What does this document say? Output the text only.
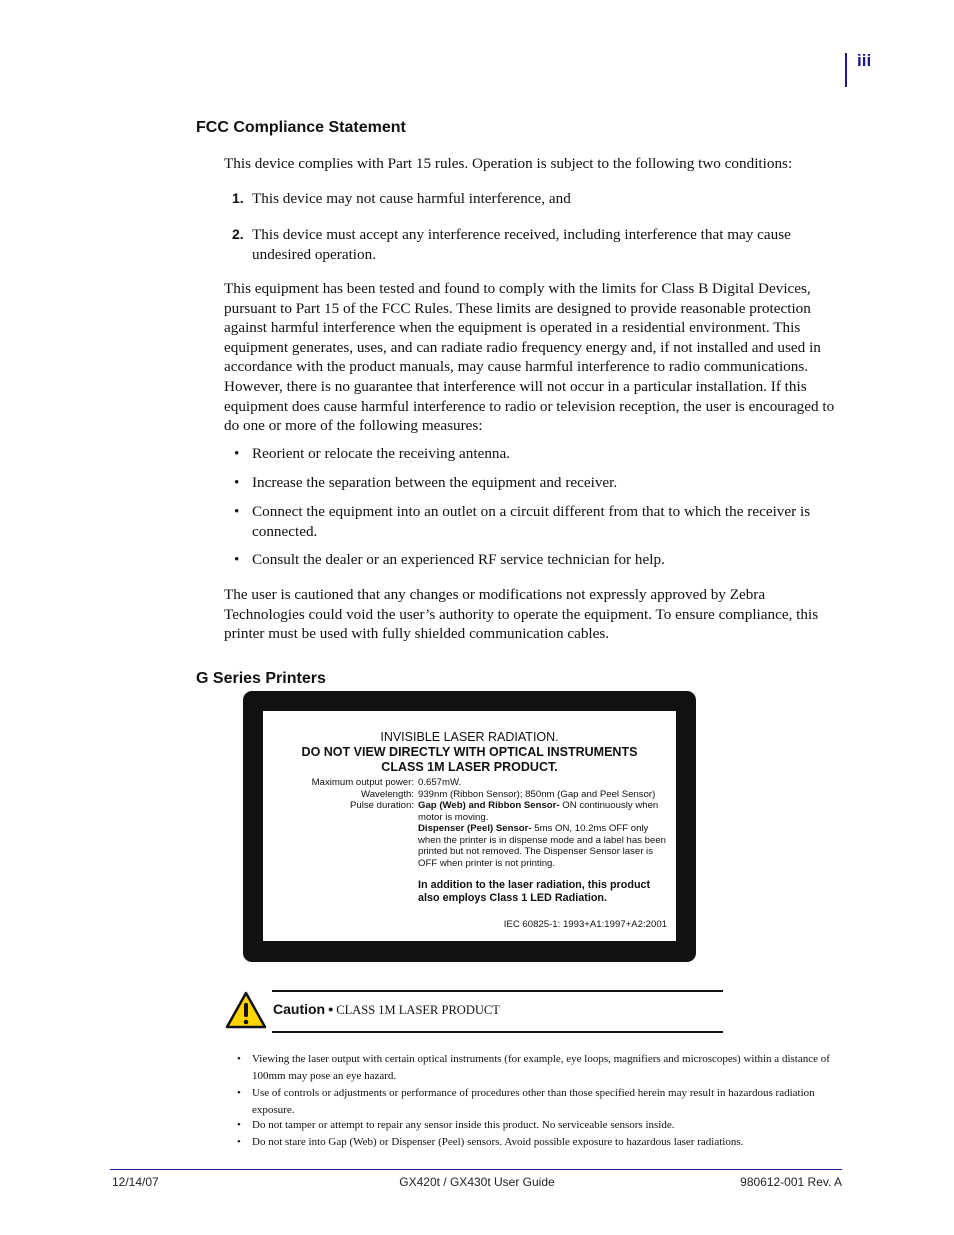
iii
FCC Compliance Statement

This device complies with Part 15 rules. Operation is subject to the following two conditions:

1. This device may not cause harmful interference, and
2. This device must accept any interference received, including interference that may cause undesired operation.

This equipment has been tested and found to comply with the limits for Class B Digital Devices, pursuant to Part 15 of the FCC Rules. These limits are designed to provide reasonable protection against harmful interference when the equipment is operated in a residential environment. This equipment generates, uses, and can radiate radio frequency energy and, if not installed and used in accordance with the product manuals, may cause harmful interference to radio communications. However, there is no guarantee that interference will not occur in a particular installation. If this equipment does cause harmful interference to radio or television reception, the user is encouraged to do one or more of the following measures:

• Reorient or relocate the receiving antenna.
• Increase the separation between the equipment and receiver.
• Connect the equipment into an outlet on a circuit different from that to which the receiver is connected.
• Consult the dealer or an experienced RF service technician for help.

The user is cautioned that any changes or modifications not expressly approved by Zebra Technologies could void the user’s authority to operate the equipment. To ensure compliance, this printer must be used with fully shielded communication cables.

G Series Printers
INVISIBLE LASER RADIATION.
DO NOT VIEW DIRECTLY WITH OPTICAL INSTRUMENTS
CLASS 1M LASER PRODUCT.
Maximum output power: 0.657mW.
Wavelength: 939nm (Ribbon Sensor); 850nm (Gap and Peel Sensor)
Pulse duration: Gap (Web) and Ribbon Sensor- ON continuously when motor is moving.
Dispenser (Peel) Sensor- 5ms ON, 10.2ms OFF only when the printer is in dispense mode and a label has been printed but not removed. The Dispenser Sensor laser is OFF when printer is not printing.
In addition to the laser radiation, this product also employs Class 1 LED Radiation.
IEC 60825-1: 1993+A1:1997+A2:2001
Caution • CLASS 1M LASER PRODUCT
• Viewing the laser output with certain optical instruments (for example, eye loops, magnifiers and microscopes) within a distance of 100mm may pose an eye hazard.
• Use of controls or adjustments or performance of procedures other than those specified herein may result in hazardous radiation exposure.
• Do not tamper or attempt to repair any sensor inside this product. No serviceable sensors inside.
• Do not stare into Gap (Web) or Dispenser (Peel) sensors. Avoid possible exposure to hazardous laser radiations.
12/14/07	GX420t / GX430t User Guide	980612-001 Rev. A
